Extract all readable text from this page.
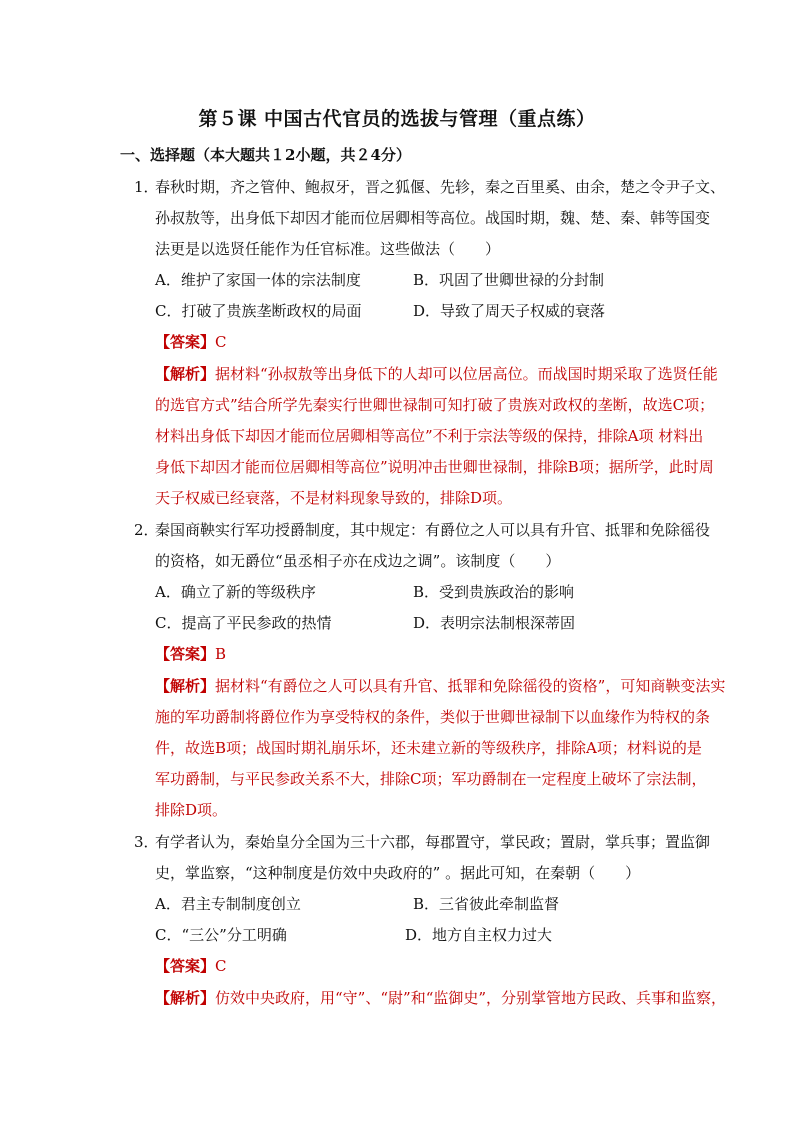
第５课 中国古代官员的选拔与管理（重点练）
一、选择题（本大题共１2小题，共２4分）
1．
春秋时期，齐之管仲、鲍叔牙，晋之狐偃、先轸，秦之百里奚、由余，楚之令尹子文、
孙叔敖等，出身低下却因才能而位居卿相等高位。战国时期，魏、楚、秦、韩等国变
法更是以选贤任能作为任官标准。这些做法（　　）
A．维护了家国一体的宗法制度	B．巩固了世卿世禄的分封制
C．打破了贵族垄断政权的局面	D．导致了周天子权威的衰落
【答案】C
【解析】据材料“孙叔敖等出身低下的人却可以位居高位。而战国时期采取了选贤任能
的选官方式”结合所学先秦实行世卿世禄制可知打破了贵族对政权的垄断，故选C项；
材料出身低下却因才能而位居卿相等高位”不利于宗法等级的保持，排除A项 材料出
身低下却因才能而位居卿相等高位”说明冲击世卿世禄制，排除B项；据所学，此时周
天子权威已经衰落，不是材料现象导致的，排除D项。
2．
秦国商鞅实行军功授爵制度，其中规定：有爵位之人可以具有升官、抵罪和免除徭役
的资格，如无爵位“虽丞相子亦在戍边之调”。该制度（　　）
A．确立了新的等级秩序	B．受到贵族政治的影响
C．提高了平民参政的热情	D．表明宗法制根深蒂固
【答案】B
【解析】据材料“有爵位之人可以具有升官、抵罪和免除徭役的资格”，可知商鞅变法实
施的军功爵制将爵位作为享受特权的条件，类似于世卿世禄制下以血缘作为特权的条
件，故选B项；战国时期礼崩乐坏，还未建立新的等级秩序，排除A项；材料说的是
军功爵制，与平民参政关系不大，排除C项；军功爵制在一定程度上破坏了宗法制，
排除D项。
3．
有学者认为，秦始皇分全国为三十六郡，每郡置守，掌民政；置尉，掌兵事；置监御
史，掌监察，“这种制度是仿效中央政府的” 。据此可知，在秦朝（　　）
A．君主专制制度创立	B．三省彼此牵制监督
C．“三公”分工明确	D．地方自主权力过大
【答案】C
【解析】仿效中央政府，用“守”、“尉”和“监御史”，分别掌管地方民政、兵事和监察，
